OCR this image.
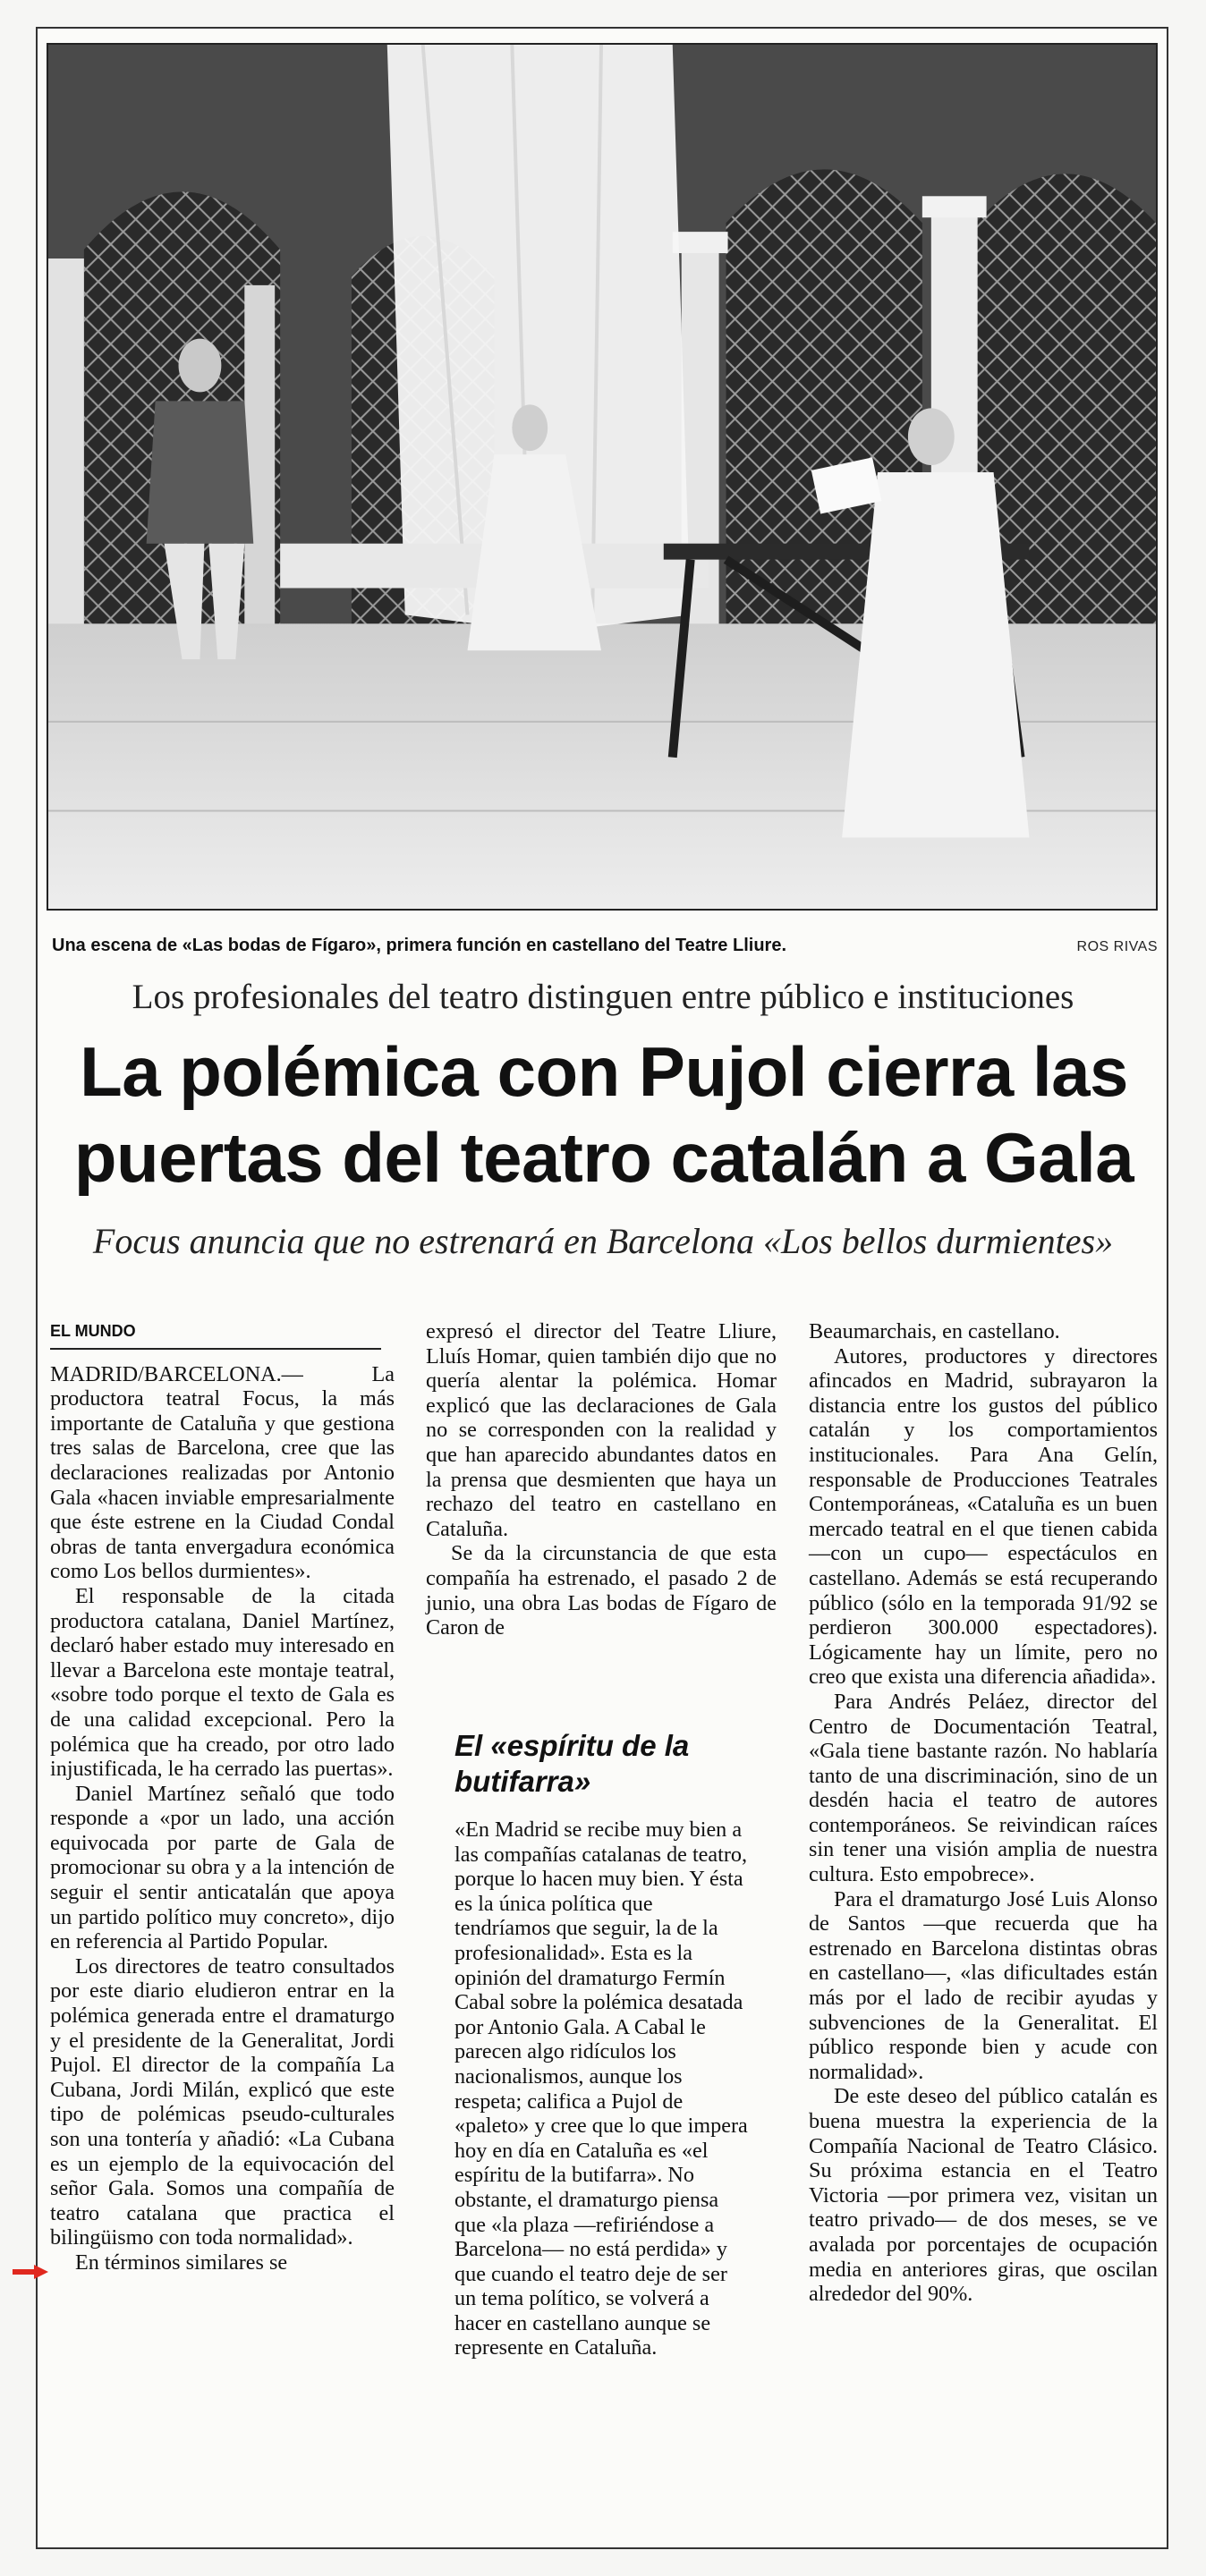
Una escena de «Las bodas de Fígaro», primera función en castellano del Teatre Lliure.	ROS RIVAS
Los profesionales del teatro distinguen entre público e instituciones
La polémica con Pujol cierra las
puertas del teatro catalán a Gala
Focus anuncia que no estrenará en Barcelona «Los bellos durmientes»
EL MUNDO

MADRID/BARCELONA.— La productora teatral Focus, la más importante de Cataluña y que gestiona tres salas de Barcelona, cree que las declaraciones realizadas por Antonio Gala «hacen inviable empresarialmente que éste estrene en la Ciudad Condal obras de tanta envergadura económica como Los bellos durmientes».

El responsable de la citada productora catalana, Daniel Martínez, declaró haber estado muy interesado en llevar a Barcelona este montaje teatral, «sobre todo porque el texto de Gala es de una calidad excepcional. Pero la polémica que ha creado, por otro lado injustificada, le ha cerrado las puertas».

Daniel Martínez señaló que todo responde a «por un lado, una acción equivocada por parte de Gala de promocionar su obra y a la intención de seguir el sentir anticatalán que apoya un partido político muy concreto», dijo en referencia al Partido Popular.

Los directores de teatro consultados por este diario eludieron entrar en la polémica generada entre el dramaturgo y el presidente de la Generalitat, Jordi Pujol. El director de la compañía La Cubana, Jordi Milán, explicó que este tipo de polémicas pseudo-culturales son una tontería y añadió: «La Cubana es un ejemplo de la equivocación del señor Gala. Somos una compañía de teatro catalana que practica el bilingüismo con toda normalidad».

En términos similares se

expresó el director del Teatre Lliure, Lluís Homar, quien también dijo que no quería alentar la polémica. Homar explicó que las declaraciones de Gala no se corresponden con la realidad y que han aparecido abundantes datos en la prensa que desmienten que haya un rechazo del teatro en castellano en Cataluña.

Se da la circunstancia de que esta compañía ha estrenado, el pasado 2 de junio, una obra Las bodas de Fígaro de Caron de

El «espíritu de la butifarra»

«En Madrid se recibe muy bien a las compañías catalanas de teatro, porque lo hacen muy bien. Y ésta es la única política que tendríamos que seguir, la de la profesionalidad». Esta es la opinión del dramaturgo Fermín Cabal sobre la polémica desatada por Antonio Gala. A Cabal le parecen algo ridículos los nacionalismos, aunque los respeta; califica a Pujol de «paleto» y cree que lo que impera hoy en día en Cataluña es «el espíritu de la butifarra». No obstante, el dramaturgo piensa que «la plaza —refiriéndose a Barcelona— no está perdida» y que cuando el teatro deje de ser un tema político, se volverá a hacer en castellano aunque se represente en Cataluña.

Beaumarchais, en castellano.

Autores, productores y directores afincados en Madrid, subrayaron la distancia entre los gustos del público catalán y los comportamientos institucionales. Para Ana Gelín, responsable de Producciones Teatrales Contemporáneas, «Cataluña es un buen mercado teatral en el que tienen cabida —con un cupo— espectáculos en castellano. Además se está recuperando público (sólo en la temporada 91/92 se perdieron 300.000 espectadores). Lógicamente hay un límite, pero no creo que exista una diferencia añadida».

Para Andrés Peláez, director del Centro de Documentación Teatral, «Gala tiene bastante razón. No hablaría tanto de una discriminación, sino de un desdén hacia el teatro de autores contemporáneos. Se reivindican raíces sin tener una visión amplia de nuestra cultura. Esto empobrece».

Para el dramaturgo José Luis Alonso de Santos —que recuerda que ha estrenado en Barcelona distintas obras en castellano—, «las dificultades están más por el lado de recibir ayudas y subvenciones de la Generalitat. El público responde bien y acude con normalidad».

De este deseo del público catalán es buena muestra la experiencia de la Compañía Nacional de Teatro Clásico. Su próxima estancia en el Teatro Victoria —por primera vez, visitan un teatro privado— de dos meses, se ve avalada por porcentajes de ocupación media en anteriores giras, que oscilan alrededor del 90%.
